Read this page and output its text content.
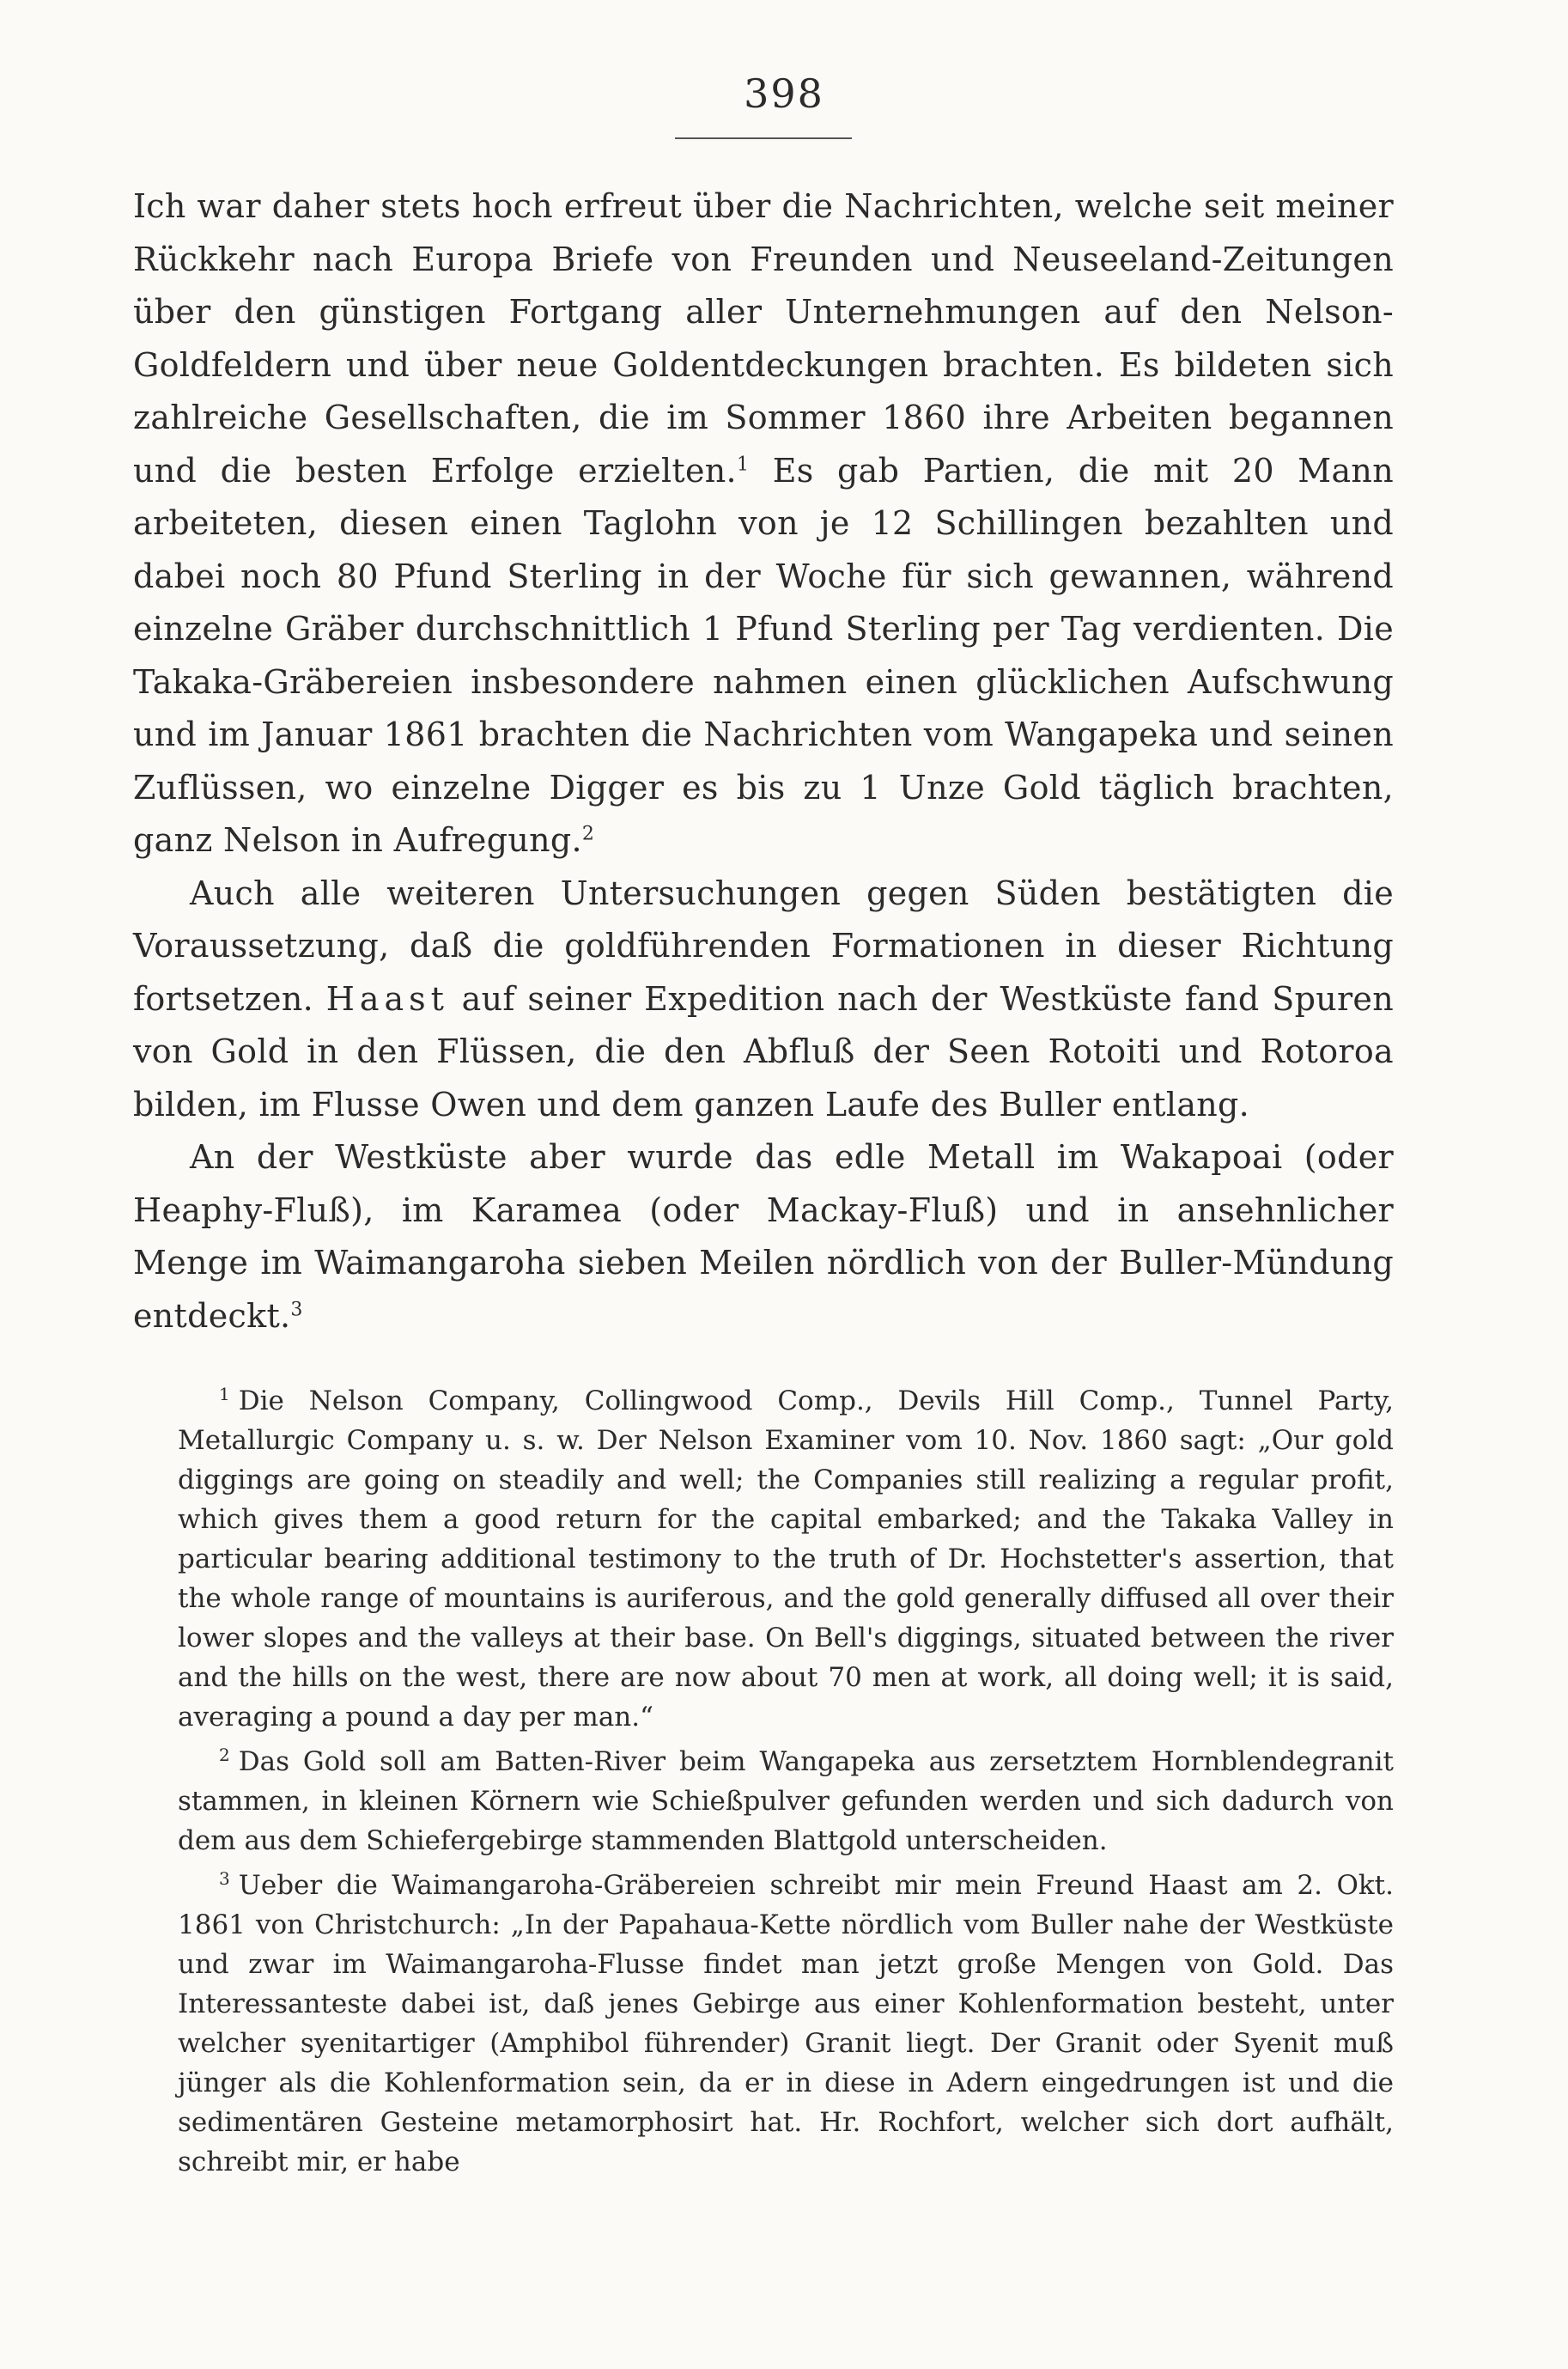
398

Ich war daher stets hoch erfreut über die Nachrichten, welche seit meiner Rückkehr nach Europa Briefe von Freunden und Neuseeland-Zeitungen über den günstigen Fortgang aller Unternehmungen auf den Nelson-Goldfeldern und über neue Goldentdeckungen brachten. Es bildeten sich zahlreiche Gesellschaften, die im Sommer 1860 ihre Arbeiten begannen und die besten Erfolge erzielten.$^1$ Es gab Partien, die mit 20 Mann arbeiteten, diesen einen Taglohn von je 12 Schillingen bezahlten und dabei noch 80 Pfund Sterling in der Woche für sich gewannen, während einzelne Gräber durchschnittlich 1 Pfund Sterling per Tag verdienten. Die Takaka-Gräbereien insbesondere nahmen einen glücklichen Aufschwung und im Januar 1861 brachten die Nachrichten vom Wangapeka und seinen Zuflüssen, wo einzelne Digger es bis zu 1 Unze Gold täglich brachten, ganz Nelson in Aufregung.$^2$

Auch alle weiteren Untersuchungen gegen Süden bestätigten die Voraussetzung, daß die goldführenden Formationen in dieser Richtung fortsetzen. Haast auf seiner Expedition nach der Westküste fand Spuren von Gold in den Flüssen, die den Abfluß der Seen Rotoiti und Rotoroa bilden, im Flusse Owen und dem ganzen Laufe des Buller entlang.

An der Westküste aber wurde das edle Metall im Wakapoai (oder Heaphy-Fluß), im Karamea (oder Mackay-Fluß) und in ansehnlicher Menge im Waimangaroha sieben Meilen nördlich von der Buller-Mündung entdeckt.$^3$

$^1$ Die Nelson Company, Collingwood Comp., Devils Hill Comp., Tunnel Party, Metallurgic Company u. s. w. Der Nelson Examiner vom 10. Nov. 1860 sagt: „Our gold diggings are going on steadily and well; the Companies still realizing a regular profit, which gives them a good return for the capital embarked; and the Takaka Valley in particular bearing additional testimony to the truth of Dr. Hochstetter's assertion, that the whole range of mountains is auriferous, and the gold generally diffused all over their lower slopes and the valleys at their base. On Bell's diggings, situated between the river and the hills on the west, there are now about 70 men at work, all doing well; it is said, averaging a pound a day per man.“

$^2$ Das Gold soll am Batten-River beim Wangapeka aus zersetztem Hornblendegranit stammen, in kleinen Körnern wie Schießpulver gefunden werden und sich dadurch von dem aus dem Schiefergebirge stammenden Blattgold unterscheiden.

$^3$ Ueber die Waimangaroha-Gräbereien schreibt mir mein Freund Haast am 2. Okt. 1861 von Christchurch: „In der Papahaua-Kette nördlich vom Buller nahe der Westküste und zwar im Waimangaroha-Flusse findet man jetzt große Mengen von Gold. Das Interessanteste dabei ist, daß jenes Gebirge aus einer Kohlenformation besteht, unter welcher syenitartiger (Amphibol führender) Granit liegt. Der Granit oder Syenit muß jünger als die Kohlenformation sein, da er in diese in Adern eingedrungen ist und die sedimentären Gesteine metamorphosirt hat. Hr. Rochfort, welcher sich dort aufhält, schreibt mir, er habe
